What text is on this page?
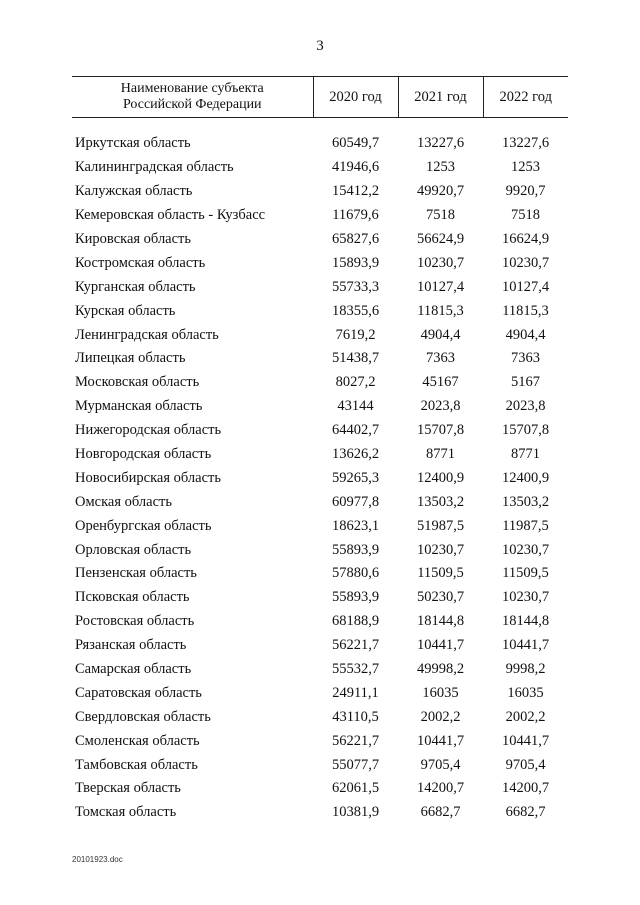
3
Наименование субъекта
Российской Федерации	2020 год	2021 год	2022 год

Иркутская область	60549,7	13227,6	13227,6
Калининградская область	41946,6	1253	1253
Калужская область	15412,2	49920,7	9920,7
Кемеровская область - Кузбасс	11679,6	7518	7518
Кировская область	65827,6	56624,9	16624,9
Костромская область	15893,9	10230,7	10230,7
Курганская область	55733,3	10127,4	10127,4
Курская область	18355,6	11815,3	11815,3
Ленинградская область	7619,2	4904,4	4904,4
Липецкая область	51438,7	7363	7363
Московская область	8027,2	45167	5167
Мурманская область	43144	2023,8	2023,8
Нижегородская область	64402,7	15707,8	15707,8
Новгородская область	13626,2	8771	8771
Новосибирская область	59265,3	12400,9	12400,9
Омская область	60977,8	13503,2	13503,2
Оренбургская область	18623,1	51987,5	11987,5
Орловская область	55893,9	10230,7	10230,7
Пензенская область	57880,6	11509,5	11509,5
Псковская область	55893,9	50230,7	10230,7
Ростовская область	68188,9	18144,8	18144,8
Рязанская область	56221,7	10441,7	10441,7
Самарская область	55532,7	49998,2	9998,2
Саратовская область	24911,1	16035	16035
Свердловская область	43110,5	2002,2	2002,2
Смоленская область	56221,7	10441,7	10441,7
Тамбовская область	55077,7	9705,4	9705,4
Тверская область	62061,5	14200,7	14200,7
Томская область	10381,9	6682,7	6682,7
20101923.doc
